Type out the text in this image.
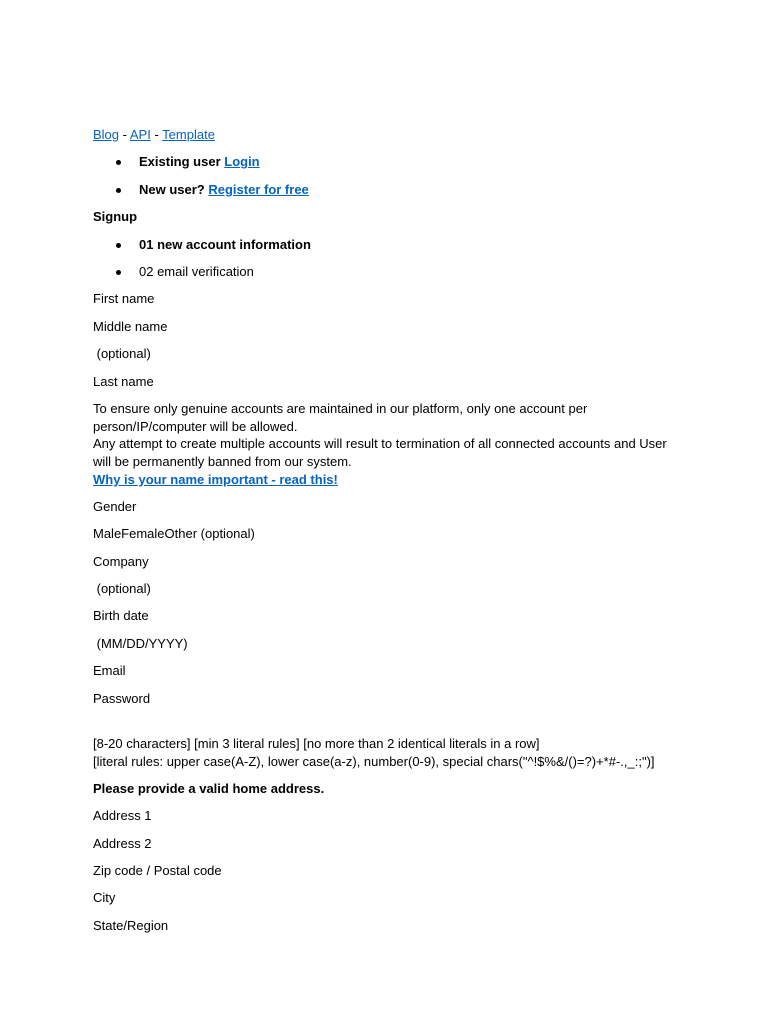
Blog - API - Template

Existing user Login
New user? Register for free

Signup

01 new account information
02 email verification

First name

Middle name

(optional)

Last name

To ensure only genuine accounts are maintained in our platform, only one account per
person/IP/computer will be allowed.
Any attempt to create multiple accounts will result to termination of all connected accounts and User
will be permanently banned from our system.
Why is your name important - read this!

Gender

MaleFemaleOther (optional)

Company

(optional)

Birth date

(MM/DD/YYYY)

Email

Password

[8-20 characters] [min 3 literal rules] [no more than 2 identical literals in a row]
[literal rules: upper case(A-Z), lower case(a-z), number(0-9), special chars("^!$%&/()=?)+*#-.,_:;")]

Please provide a valid home address.

Address 1

Address 2

Zip code / Postal code

City

State/Region
